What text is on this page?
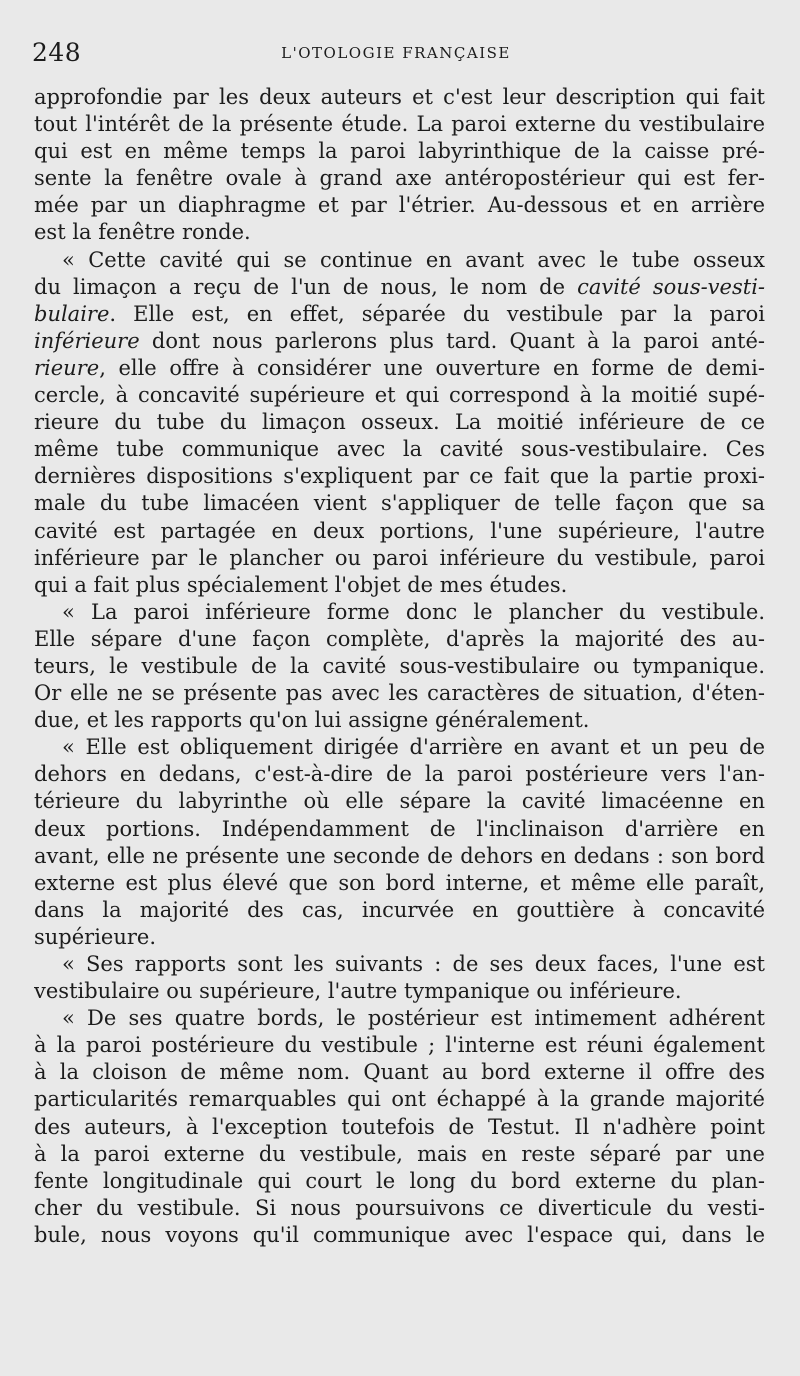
248	L'OTOLOGIE FRANÇAISE
approfondie par les deux auteurs et c'est leur description qui fait
tout l'intérêt de la présente étude. La paroi externe du vestibulaire
qui est en même temps la paroi labyrinthique de la caisse pré-
sente la fenêtre ovale à grand axe antéropostérieur qui est fer-
mée par un diaphragme et par l'étrier. Au-dessous et en arrière
est la fenêtre ronde.
« Cette cavité qui se continue en avant avec le tube osseux
du limaçon a reçu de l'un de nous, le nom de cavité sous-vesti-
bulaire. Elle est, en effet, séparée du vestibule par la paroi
inférieure dont nous parlerons plus tard. Quant à la paroi anté-
rieure, elle offre à considérer une ouverture en forme de demi-
cercle, à concavité supérieure et qui correspond à la moitié supé-
rieure du tube du limaçon osseux. La moitié inférieure de ce
même tube communique avec la cavité sous-vestibulaire. Ces
dernières dispositions s'expliquent par ce fait que la partie proxi-
male du tube limacéen vient s'appliquer de telle façon que sa
cavité est partagée en deux portions, l'une supérieure, l'autre
inférieure par le plancher ou paroi inférieure du vestibule, paroi
qui a fait plus spécialement l'objet de mes études.
« La paroi inférieure forme donc le plancher du vestibule.
Elle sépare d'une façon complète, d'après la majorité des au-
teurs, le vestibule de la cavité sous-vestibulaire ou tympanique.
Or elle ne se présente pas avec les caractères de situation, d'éten-
due, et les rapports qu'on lui assigne généralement.
« Elle est obliquement dirigée d'arrière en avant et un peu de
dehors en dedans, c'est-à-dire de la paroi postérieure vers l'an-
térieure du labyrinthe où elle sépare la cavité limacéenne en
deux portions. Indépendamment de l'inclinaison d'arrière en
avant, elle ne présente une seconde de dehors en dedans : son bord
externe est plus élevé que son bord interne, et même elle paraît,
dans la majorité des cas, incurvée en gouttière à concavité
supérieure.
« Ses rapports sont les suivants : de ses deux faces, l'une est
vestibulaire ou supérieure, l'autre tympanique ou inférieure.
« De ses quatre bords, le postérieur est intimement adhérent
à la paroi postérieure du vestibule ; l'interne est réuni également
à la cloison de même nom. Quant au bord externe il offre des
particularités remarquables qui ont échappé à la grande majorité
des auteurs, à l'exception toutefois de Testut. Il n'adhère point
à la paroi externe du vestibule, mais en reste séparé par une
fente longitudinale qui court le long du bord externe du plan-
cher du vestibule. Si nous poursuivons ce diverticule du vesti-
bule, nous voyons qu'il communique avec l'espace qui, dans le
